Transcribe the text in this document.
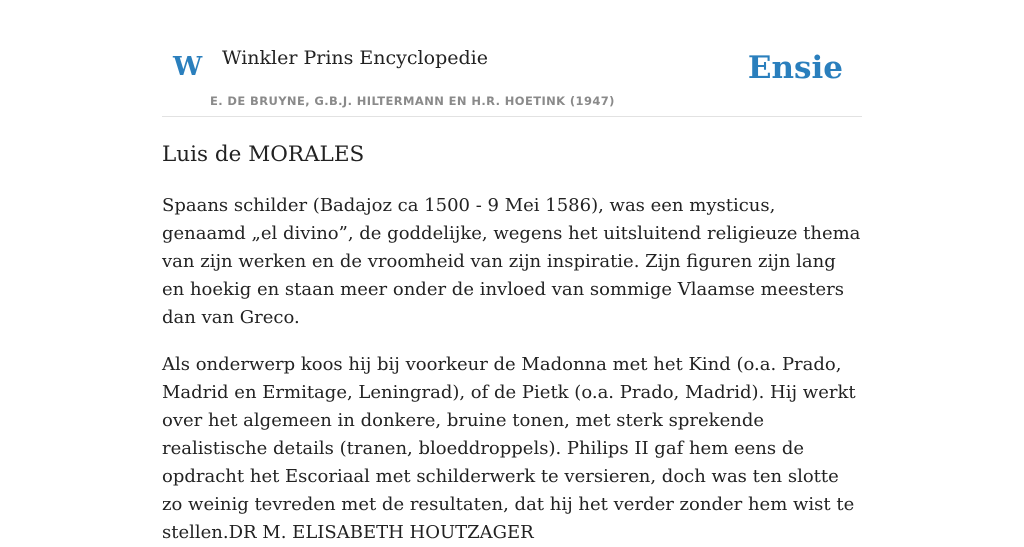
W Winkler Prins Encyclopedie
E. DE BRUYNE, G.B.J. HILTERMANN EN H.R. HOETINK (1947)
Ensie
Luis de MORALES

Spaans schilder (Badajoz ca 1500 - 9 Mei 1586), was een mysticus, genaamd „el divino”, de goddelijke, wegens het uitsluitend religieuze thema van zijn werken en de vroomheid van zijn inspiratie. Zijn figuren zijn lang en hoekig en staan meer onder de invloed van sommige Vlaamse meesters dan van Greco.

Als onderwerp koos hij bij voorkeur de Madonna met het Kind (o.a. Prado, Madrid en Ermitage, Leningrad), of de Pietk (o.a. Prado, Madrid). Hij werkt over het algemeen in donkere, bruine tonen, met sterk sprekende realistische details (tranen, bloeddroppels). Philips II gaf hem eens de opdracht het Escoriaal met schilderwerk te versieren, doch was ten slotte zo weinig tevreden met de resultaten, dat hij het verder zonder hem wist te stellen.DR M. ELISABETH HOUTZAGER
